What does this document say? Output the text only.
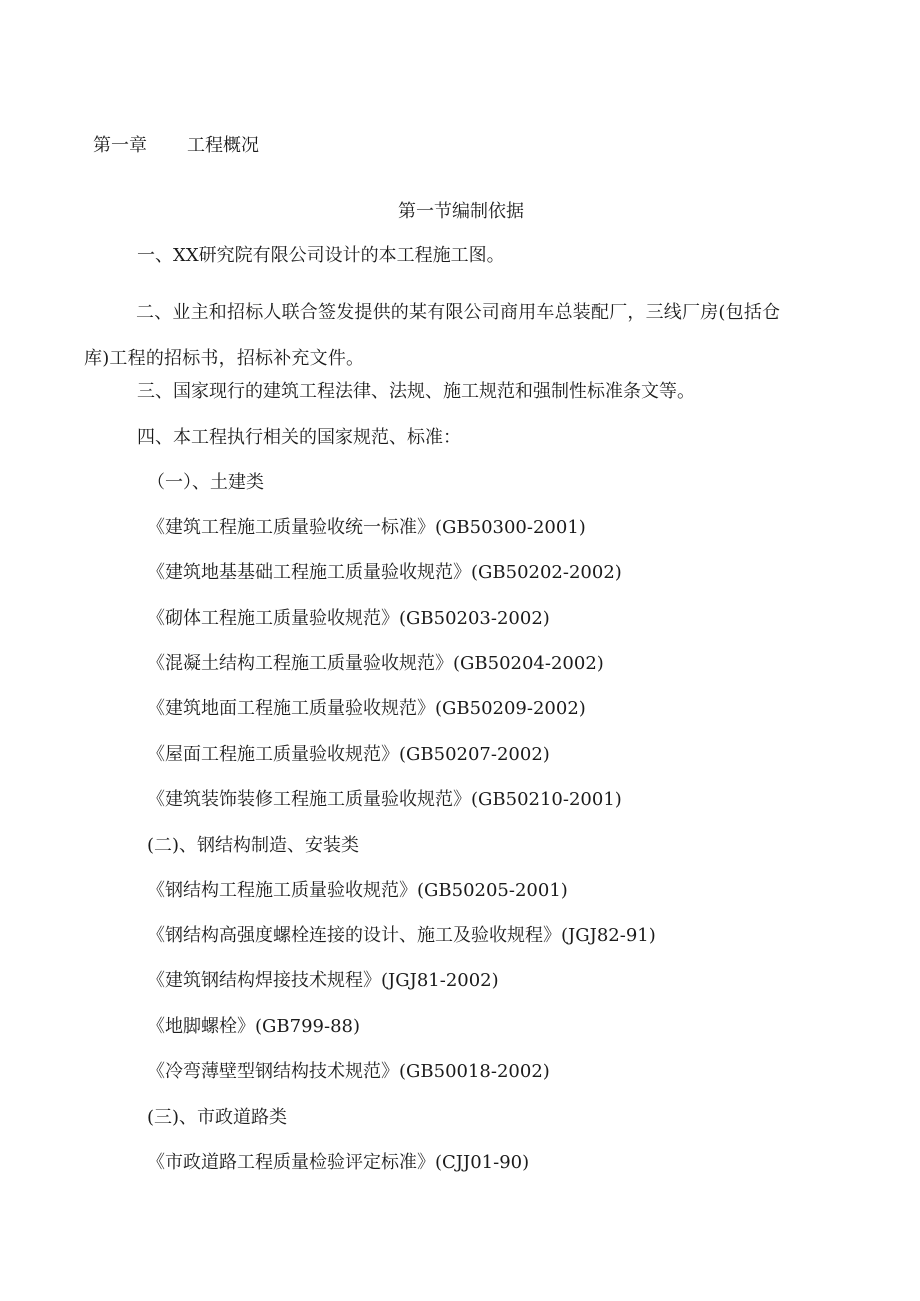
第一章 工程概况

第一节编制依据

一、XX研究院有限公司设计的本工程施工图。

二、业主和招标人联合签发提供的某有限公司商用车总装配厂，三线厂房(包括仓库)工程的招标书，招标补充文件。

三、国家现行的建筑工程法律、法规、施工规范和强制性标准条文等。

四、本工程执行相关的国家规范、标准：

（一）、土建类

《建筑工程施工质量验收统一标准》(GB50300-2001)

《建筑地基基础工程施工质量验收规范》(GB50202-2002)

《砌体工程施工质量验收规范》(GB50203-2002)

《混凝土结构工程施工质量验收规范》(GB50204-2002)

《建筑地面工程施工质量验收规范》(GB50209-2002)

《屋面工程施工质量验收规范》(GB50207-2002)

《建筑装饰装修工程施工质量验收规范》(GB50210-2001)

(二)、钢结构制造、安装类

《钢结构工程施工质量验收规范》(GB50205-2001)

《钢结构高强度螺栓连接的设计、施工及验收规程》(JGJ82-91)

《建筑钢结构焊接技术规程》(JGJ81-2002)

《地脚螺栓》(GB799-88)

《冷弯薄壁型钢结构技术规范》(GB50018-2002)

(三)、市政道路类

《市政道路工程质量检验评定标准》(CJJ01-90)
